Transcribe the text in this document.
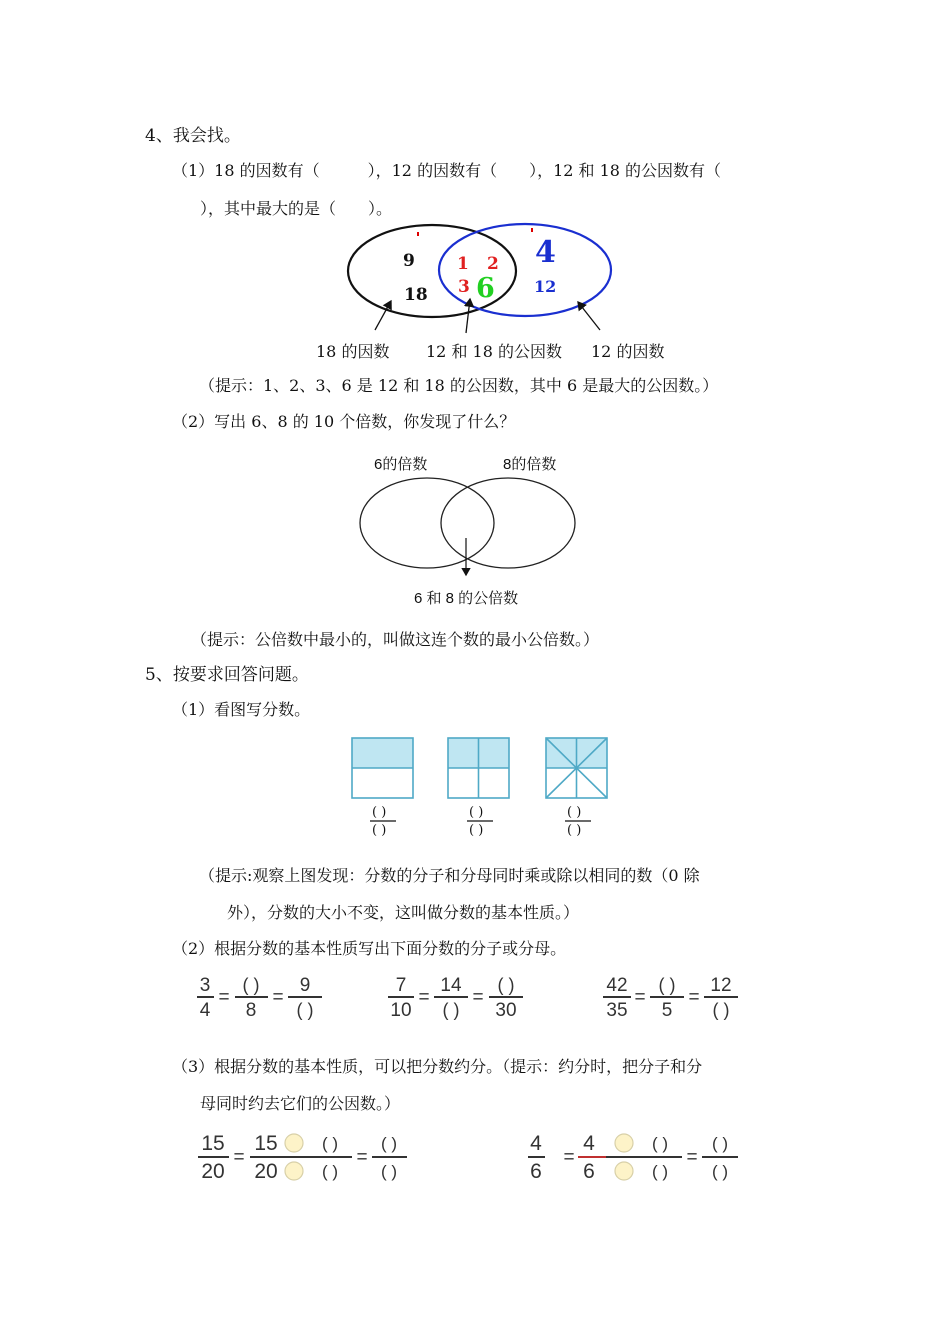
4、我会找。
（1）18 的因数有（　　　），12 的因数有（　　），12 和 18 的公因数有（
），其中最大的是（　　）。
9
18
1 2
3 6
4
12
18 的因数 12 和 18 的公因数 12 的因数
（提示：1、2、3、6 是 12 和 18 的公因数，其中 6 是最大的公因数。）
（2）写出 6、8 的 10 个倍数，你发现了什么？
6的倍数	8的倍数
6 和 8 的公倍数
（提示：公倍数中最小的，叫做这连个数的最小公倍数。）
5、按要求回答问题。
（1）看图写分数。
( )
( )
( )
( )
( )
( )
（提示:观察上图发现：分数的分子和分母同时乘或除以相同的数（0 除
外），分数的大小不变，这叫做分数的基本性质。）
（2）根据分数的基本性质写出下面分数的分子或分母。
3
4
=
( )
8
=
9
( )
7
10
=
14
( )
=
( )
30
42
35
=
( )
5
=
12
( )
（3）根据分数的基本性质，可以把分数约分。（提示：约分时，把分子和分
母同时约去它们的公因数。）
15
20
=
15
20
( )
( )
=
( )
( )
4
6
=
4
6
( )
( )
=
( )
( )
